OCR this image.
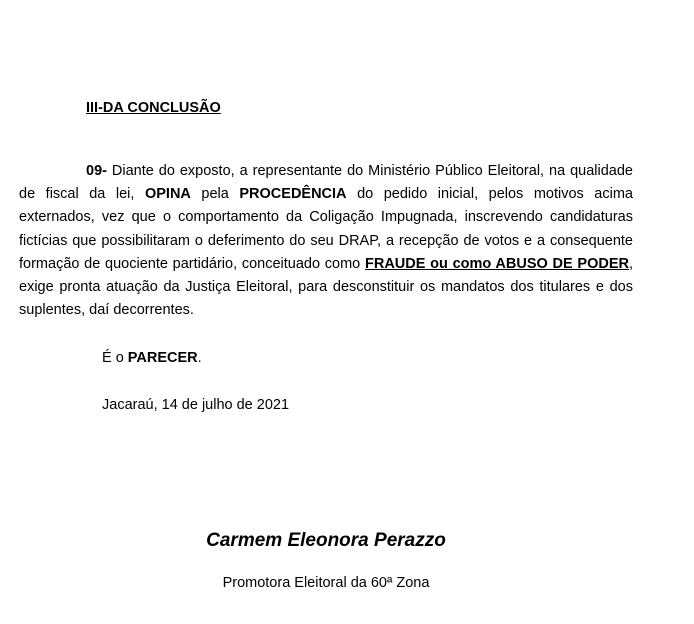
III-DA CONCLUSÃO
09- Diante do exposto, a representante do Ministério Público Eleitoral, na qualidade de fiscal da lei, OPINA pela PROCEDÊNCIA do pedido inicial, pelos motivos acima externados, vez que o comportamento da Coligação Impugnada, inscrevendo candidaturas fictícias que possibilitaram o deferimento do seu DRAP, a recepção de votos e a consequente formação de quociente partidário, conceituado como FRAUDE ou como ABUSO DE PODER, exige pronta atuação da Justiça Eleitoral, para desconstituir os mandatos dos titulares e dos suplentes, daí decorrentes.
É o PARECER.
Jacaraú, 14 de julho de 2021
Carmem Eleonora Perazzo
Promotora Eleitoral da 60ª Zona
